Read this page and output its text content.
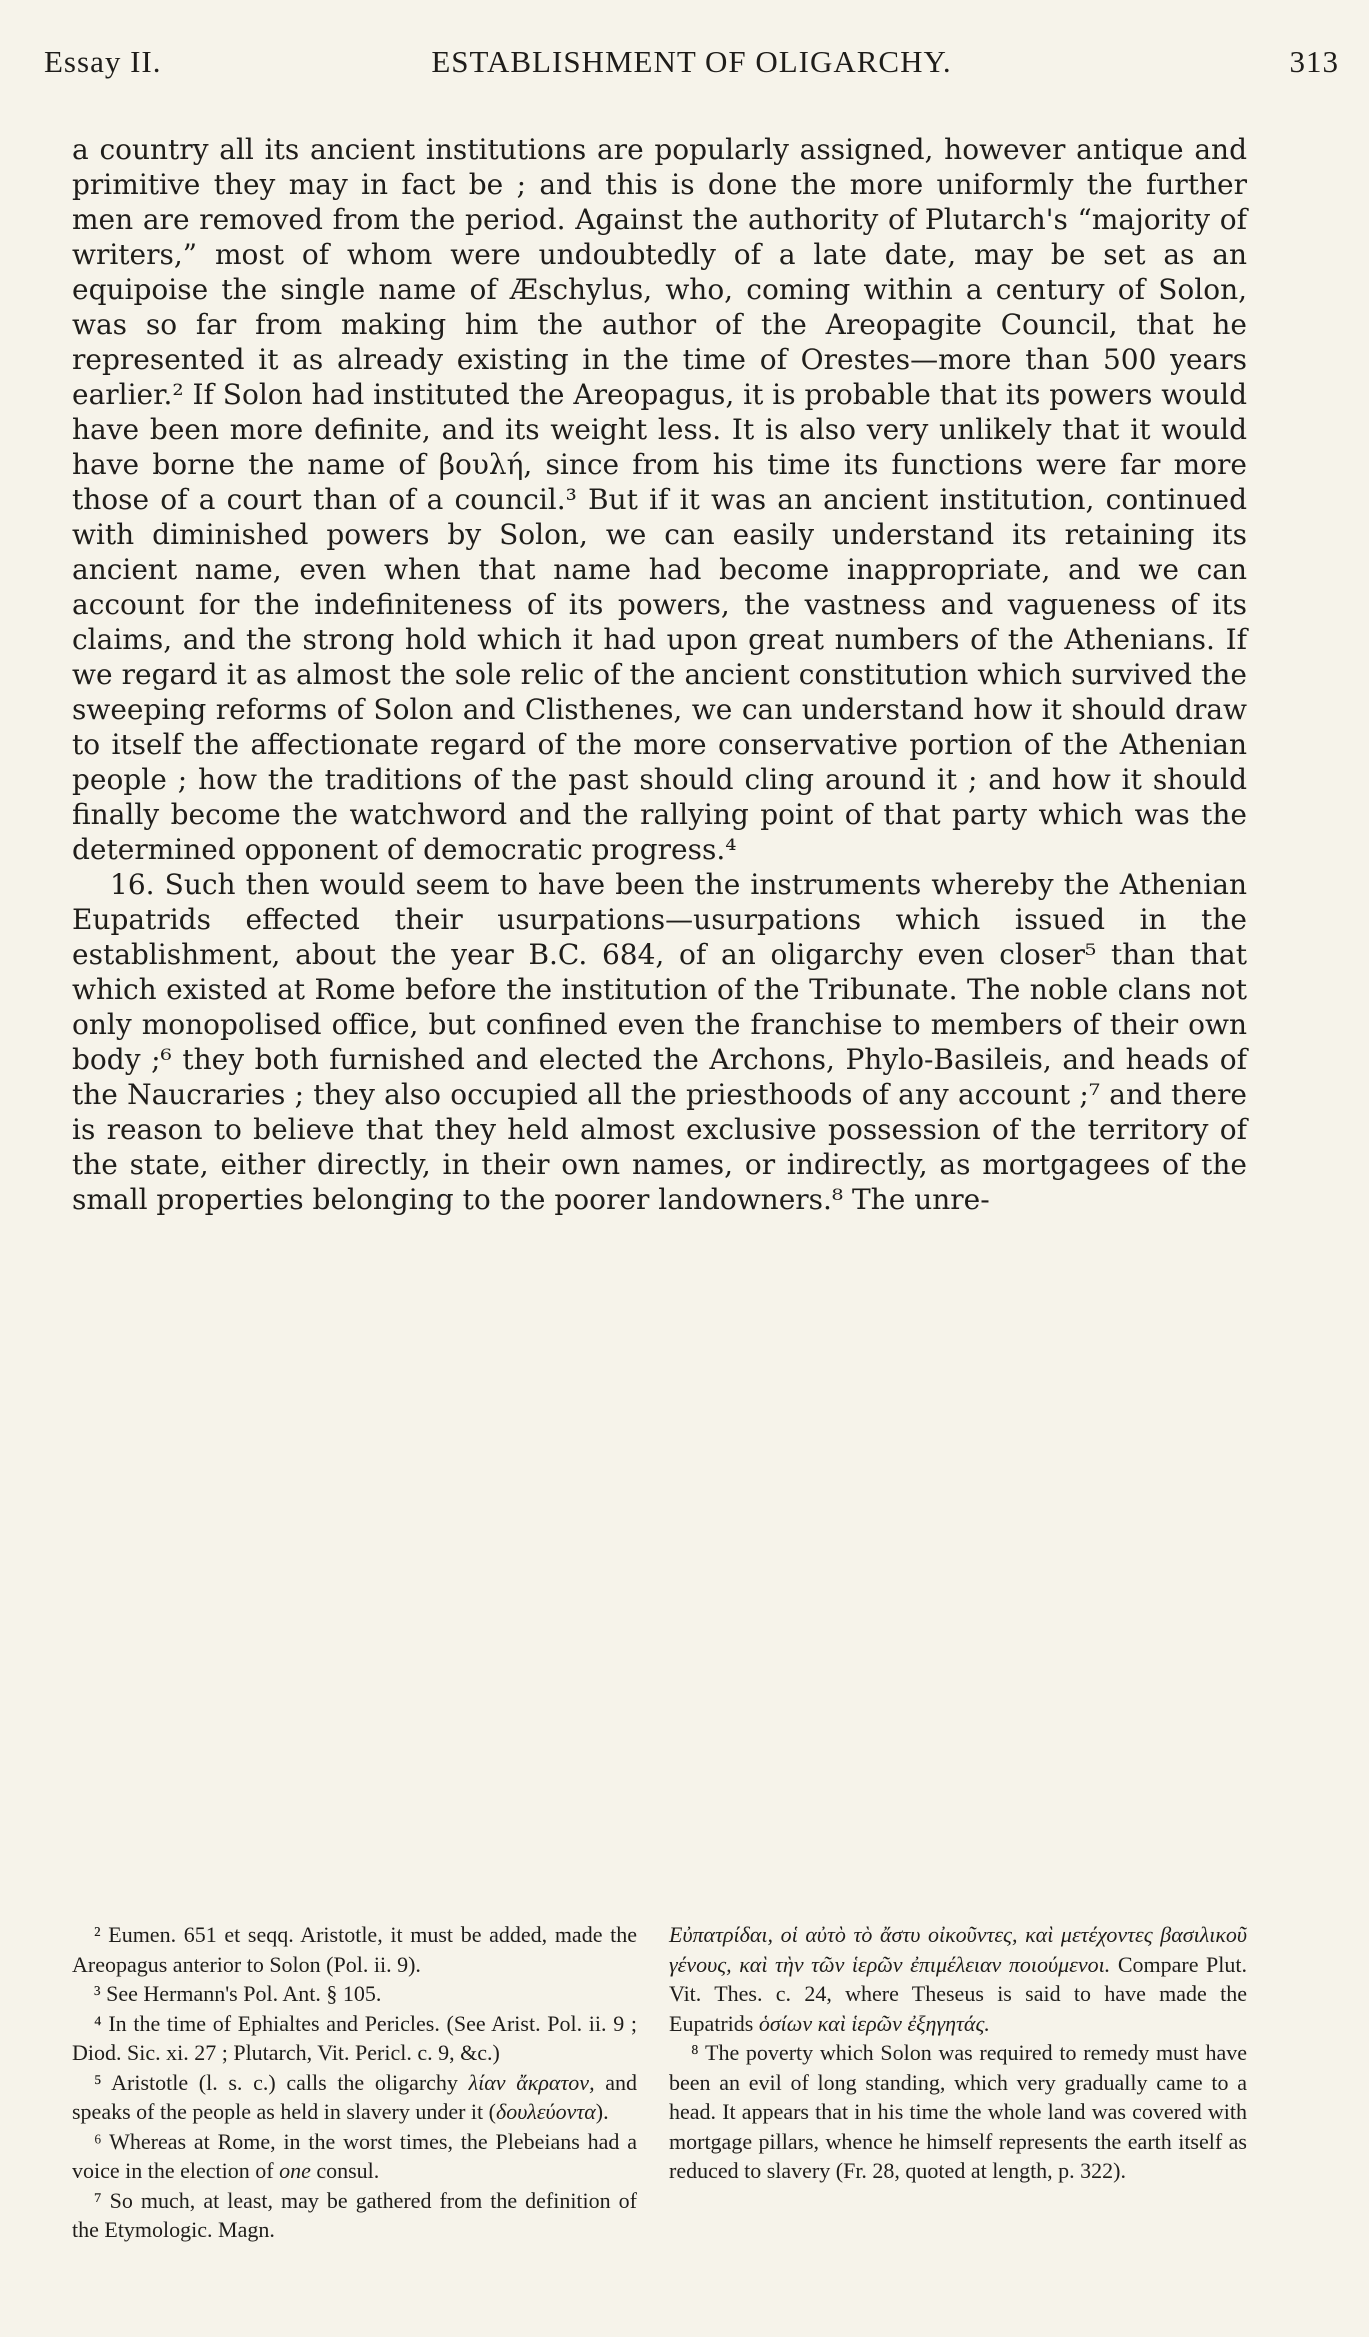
Essay II.	ESTABLISHMENT OF OLIGARCHY.	313

a country all its ancient institutions are popularly assigned, however antique and primitive they may in fact be ; and this is done the more uniformly the further men are removed from the period. Against the authority of Plutarch's “majority of writers,” most of whom were undoubtedly of a late date, may be set as an equipoise the single name of Æschylus, who, coming within a century of Solon, was so far from making him the author of the Areopagite Council, that he represented it as already existing in the time of Orestes—more than 500 years earlier.² If Solon had instituted the Areopagus, it is probable that its powers would have been more definite, and its weight less. It is also very unlikely that it would have borne the name of βουλή, since from his time its functions were far more those of a court than of a council.³ But if it was an ancient institution, continued with diminished powers by Solon, we can easily understand its retaining its ancient name, even when that name had become inappropriate, and we can account for the indefiniteness of its powers, the vastness and vagueness of its claims, and the strong hold which it had upon great numbers of the Athenians. If we regard it as almost the sole relic of the ancient constitution which survived the sweeping reforms of Solon and Clisthenes, we can understand how it should draw to itself the affectionate regard of the more conservative portion of the Athenian people ; how the traditions of the past should cling around it ; and how it should finally become the watchword and the rallying point of that party which was the determined opponent of democratic progress.⁴

16. Such then would seem to have been the instruments whereby the Athenian Eupatrids effected their usurpations—usurpations which issued in the establishment, about the year B.C. 684, of an oligarchy even closer⁵ than that which existed at Rome before the institution of the Tribunate. The noble clans not only monopolised office, but confined even the franchise to members of their own body ;⁶ they both furnished and elected the Archons, Phylo-Basileis, and heads of the Naucraries ; they also occupied all the priesthoods of any account ;⁷ and there is reason to believe that they held almost exclusive possession of the territory of the state, either directly, in their own names, or indirectly, as mortgagees of the small properties belonging to the poorer landowners.⁸ The unre-

² Eumen. 651 et seqq. Aristotle, it must be added, made the Areopagus anterior to Solon (Pol. ii. 9).

³ See Hermann's Pol. Ant. § 105.

⁴ In the time of Ephialtes and Pericles. (See Arist. Pol. ii. 9 ; Diod. Sic. xi. 27 ; Plutarch, Vit. Pericl. c. 9, &c.)

⁵ Aristotle (l. s. c.) calls the oligarchy λίαν ἄκρατον, and speaks of the people as held in slavery under it (δουλεύοντα).

⁶ Whereas at Rome, in the worst times, the Plebeians had a voice in the election of one consul.

⁷ So much, at least, may be gathered from the definition of the Etymologic. Magn.

Εὐπατρίδαι, οἱ αὐτὸ τὸ ἄστυ οἰκοῦντες, καὶ μετέχοντες βασιλικοῦ γένους, καὶ τὴν τῶν ἱερῶν ἐπιμέλειαν ποιούμενοι. Compare Plut. Vit. Thes. c. 24, where Theseus is said to have made the Eupatrids ὁσίων καὶ ἱερῶν ἐξηγητάς.

⁸ The poverty which Solon was required to remedy must have been an evil of long standing, which very gradually came to a head. It appears that in his time the whole land was covered with mortgage pillars, whence he himself represents the earth itself as reduced to slavery (Fr. 28, quoted at length, p. 322).
